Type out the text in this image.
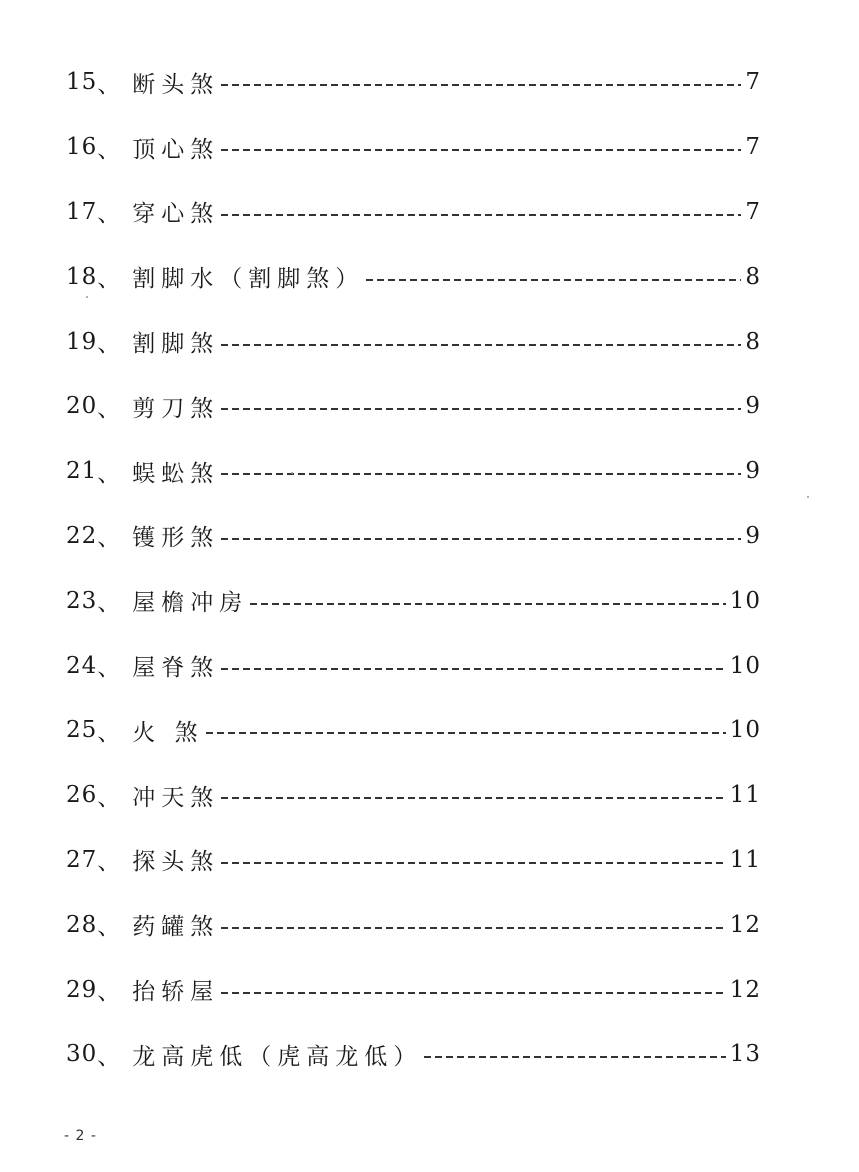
15 、 断头煞	7
16 、 顶心煞	7
17 、 穿心煞	7
18 、 割脚水（割脚煞）	8
19 、 割脚煞	8
20 、 剪刀煞	9
21 、 蜈蚣煞	9
22 、 镬形煞	9
23 、 屋檐冲房	10
24 、 屋脊煞	10
25 、 火 煞	10
26 、 冲天煞	11
27 、 探头煞	11
28 、 药罐煞	12
29 、 抬轿屋	12
30 、 龙高虎低（虎高龙低）	13
- 2 -
